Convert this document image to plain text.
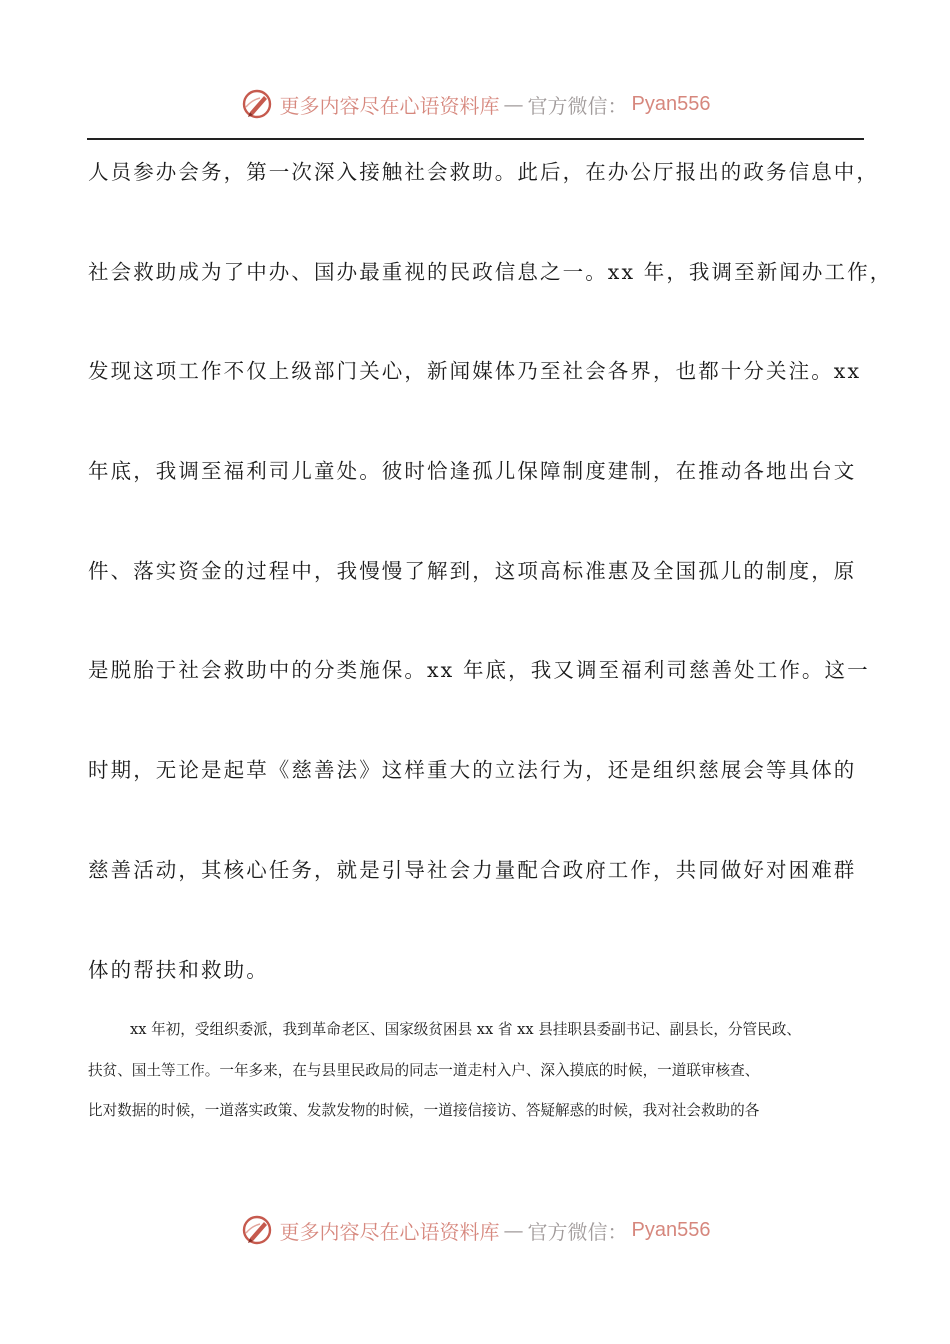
更多内容尽在心语资料库 — 官方微信： Pyan556
人员参办会务，第一次深入接触社会救助。此后，在办公厅报出的政务信息中，
社会救助成为了中办、国办最重视的民政信息之一。xx 年，我调至新闻办工作，
发现这项工作不仅上级部门关心，新闻媒体乃至社会各界，也都十分关注。xx
年底，我调至福利司儿童处。彼时恰逢孤儿保障制度建制，在推动各地出台文
件、落实资金的过程中，我慢慢了解到，这项高标准惠及全国孤儿的制度，原
是脱胎于社会救助中的分类施保。xx 年底，我又调至福利司慈善处工作。这一
时期，无论是起草《慈善法》这样重大的立法行为，还是组织慈展会等具体的
慈善活动，其核心任务，就是引导社会力量配合政府工作，共同做好对困难群
体的帮扶和救助。
xx 年初，受组织委派，我到革命老区、国家级贫困县 xx 省 xx 县挂职县委副书记、副县长，分管民政、
扶贫、国土等工作。一年多来，在与县里民政局的同志一道走村入户、深入摸底的时候，一道联审核查、
比对数据的时候，一道落实政策、发款发物的时候，一道接信接访、答疑解惑的时候，我对社会救助的各
更多内容尽在心语资料库 — 官方微信： Pyan556
